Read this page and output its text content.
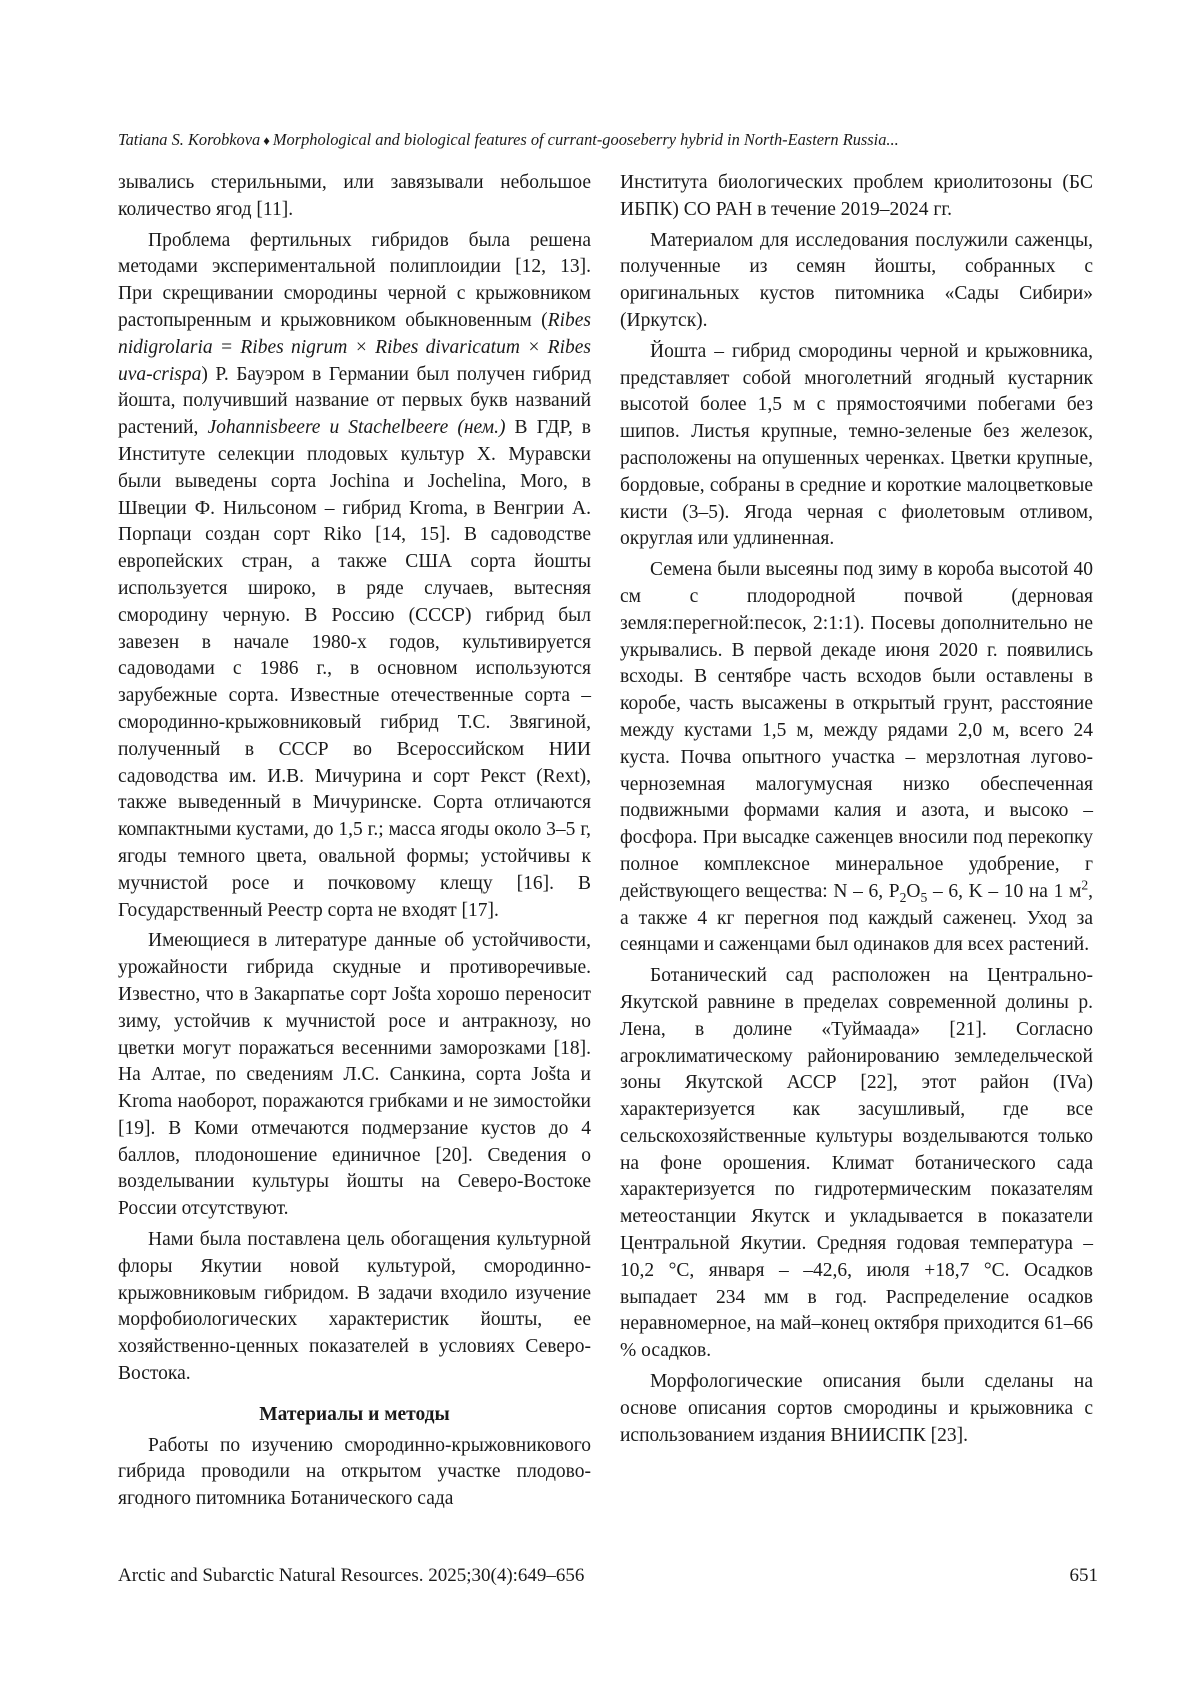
Tatiana S. Korobkova ♦ Morphological and biological features of currant-gooseberry hybrid in North-Eastern Russia...

зывались стерильными, или завязывали небольшое количество ягод [11].

Проблема фертильных гибридов была решена методами экспериментальной полиплоидии [12, 13]. При скрещивании смородины черной с крыжовником растопыренным и крыжовником обыкновенным (Ribes nidigrolaria = Ribes nigrum × Ribes divaricatum × Ribes uva-crispa) Р. Бауэром в Германии был получен гибрид йошта, получивший название от первых букв названий растений, Johannisbeere u Stachelbeere (нем.) В ГДР, в Институте селекции плодовых культур Х. Муравски были выведены сорта Jochina и Jochelina, Моrо, в Швеции Ф. Нильсоном – гибрид Kroma, в Венгрии А. Порпаци создан сорт Riko [14, 15]. В садоводстве европейских стран, а также США сорта йошты используется широко, в ряде случаев, вытесняя смородину черную. В Россию (СССР) гибрид был завезен в начале 1980-х годов, культивируется садоводами с 1986 г., в основном используются зарубежные сорта. Известные отечественные сорта – смородинно-крыжовниковый гибрид Т.С. Звягиной, полученный в СССР во Всероссийском НИИ садоводства им. И.В. Мичурина и сорт Рекст (Rext), также выведенный в Мичуринске. Сорта отличаются компактными кустами, до 1,5 г.; масса ягоды около 3–5 г, ягоды темного цвета, овальной формы; устойчивы к мучнистой росе и почковому клещу [16]. В Государственный Реестр сорта не входят [17].

Имеющиеся в литературе данные об устойчивости, урожайности гибрида скудные и противоречивые. Известно, что в Закарпатье сорт Jošta хорошо переносит зиму, устойчив к мучнистой росе и антракнозу, но цветки могут поражаться весенними заморозками [18]. На Алтае, по сведениям Л.С. Санкина, сорта Jošta и Kroma наоборот, поражаются грибками и не зимостойки [19]. В Коми отмечаются подмерзание кустов до 4 баллов, плодоношение единичное [20]. Сведения о возделывании культуры йошты на Северо-Востоке России отсутствуют.

Нами была поставлена цель обогащения культурной флоры Якутии новой культурой, смородинно-крыжовниковым гибридом. В задачи входило изучение морфобиологических характеристик йошты, ее хозяйственно-ценных показателей в условиях Северо-Востока.

Материалы и методы

Работы по изучению смородинно-крыжовникового гибрида проводили на открытом участке плодово-ягодного питомника Ботанического сада

Института биологических проблем криолитозоны (БС ИБПК) СО РАН в течение 2019–2024 гг.

Материалом для исследования послужили саженцы, полученные из семян йошты, собранных с оригинальных кустов питомника «Сады Сибири» (Иркутск).

Йошта – гибрид смородины черной и крыжовника, представляет собой многолетний ягодный кустарник высотой более 1,5 м с прямостоячими побегами без шипов. Листья крупные, темно-зеленые без железок, расположены на опушенных черенках. Цветки крупные, бордовые, собраны в средние и короткие малоцветковые кисти (3–5). Ягода черная с фиолетовым отливом, округлая или удлиненная.

Семена были высеяны под зиму в короба высотой 40 см с плодородной почвой (дерновая земля:перегной:песок, 2:1:1). Посевы дополнительно не укрывались. В первой декаде июня 2020 г. появились всходы. В сентябре часть всходов были оставлены в коробе, часть высажены в открытый грунт, расстояние между кустами 1,5 м, между рядами 2,0 м, всего 24 куста. Почва опытного участка – мерзлотная лугово-черноземная малогумусная низко обеспеченная подвижными формами калия и азота, и высоко – фосфора. При высадке саженцев вносили под перекопку полное комплексное минеральное удобрение, г действующего вещества: N – 6, $P_2O_5 - 6$, K – 10 на 1 $м^2$, а также 4 кг перегноя под каждый саженец. Уход за сеянцами и саженцами был одинаков для всех растений.

Ботанический сад расположен на Центрально-Якутской равнине в пределах современной долины р. Лена, в долине «Туймаада» [21]. Согласно агроклиматическому районированию земледельческой зоны Якутской АССР [22], этот район (IVa) характеризуется как засушливый, где все сельскохозяйственные культуры возделываются только на фоне орошения. Климат ботанического сада характеризуется по гидротермическим показателям метеостанции Якутск и укладывается в показатели Центральной Якутии. Средняя годовая температура – 10,2 °С, января – –42,6, июля +18,7 °С. Осадков выпадает 234 мм в год. Распределение осадков неравномерное, на май–конец октября приходится 61–66 % осадков.

Морфологические описания были сделаны на основе описания сортов смородины и крыжовника с использованием издания ВНИИСПК [23].

Arctic and Subarctic Natural Resources. 2025;30(4):649–656	651
